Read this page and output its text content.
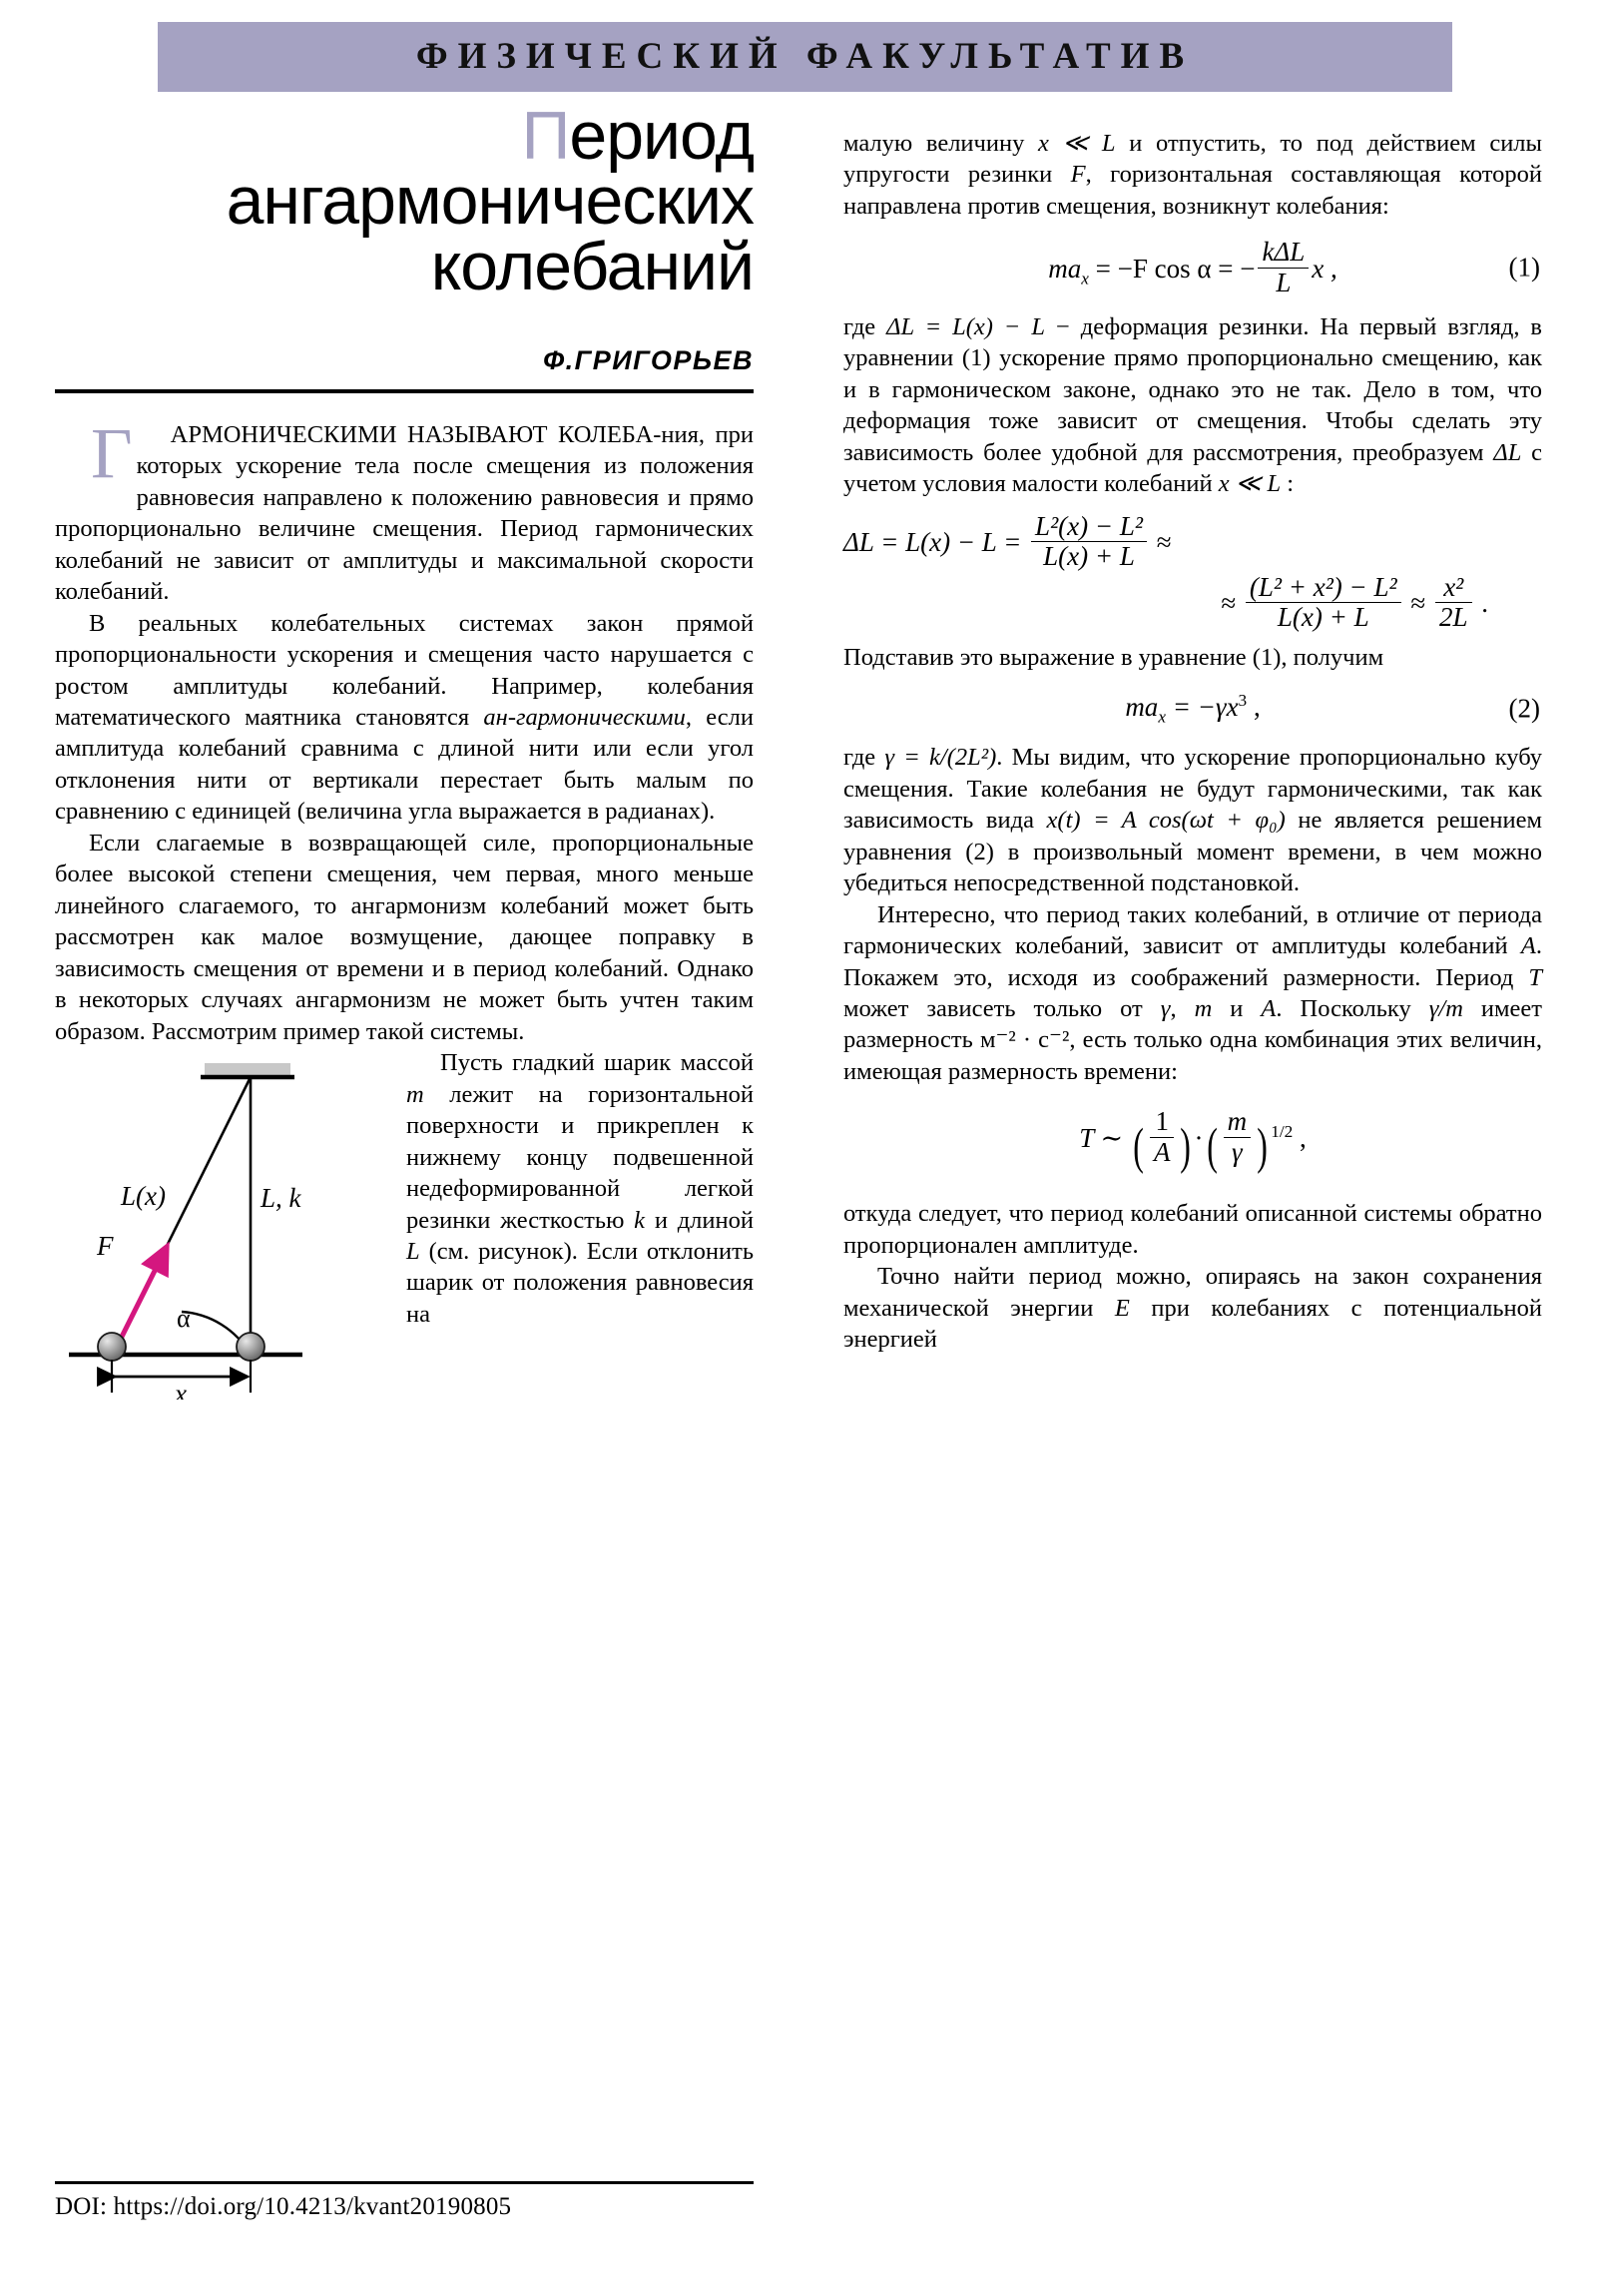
ФИЗИЧЕСКИЙ ФАКУЛЬТАТИВ
Период
ангармонических
колебаний
Ф.ГРИГОРЬЕВ

Г АРМОНИЧЕСКИМИ НАЗЫВАЮТ КОЛЕБА-ния, при которых ускорение тела после смещения из положения равновесия направлено к положению равновесия и прямо пропорционально величине смещения. Период гармонических колебаний не зависит от амплитуды и максимальной скорости колебаний.

В реальных колебательных системах закон прямой пропорциональности ускорения и смещения часто нарушается с ростом амплитуды колебаний. Например, колебания математического маятника становятся ан-гармоническими, если амплитуда колебаний сравнима с длиной нити или если угол отклонения нити от вертикали перестает быть малым по сравнению с единицей (величина угла выражается в радианах).

Если слагаемые в возвращающей силе, пропорциональные более высокой степени смещения, чем первая, много меньше линейного слагаемого, то ангармонизм колебаний может быть рассмотрен как малое возмущение, дающее поправку в зависимость смещения от времени и в период колебаний. Однако в некоторых случаях ангармонизм не может быть учтен таким образом. Рассмотрим пример такой системы.

L(x)	L, k
F
α
x

Пусть гладкий шарик массой m лежит на горизонтальной поверхности и прикреплен к нижнему концу подвешенной недеформированной легкой резинки жесткостью k и длиной L (см. рисунок). Если отклонить шарик от положения равновесия на

малую величину x ≪ L и отпустить, то под действием силы упругости резинки F, горизонтальная составляющая которой направлена против смещения, возникнут колебания:

$ma_x = -F$ cos α = − $\frac{\text{kΔL}}{L}$ x ,	(1)

где ΔL = L(x) − L − деформация резинки. На первый взгляд, в уравнении (1) ускорение прямо пропорционально смещению, как и в гармоническом законе, однако это не так. Дело в том, что деформация тоже зависит от смещения. Чтобы сделать эту зависимость более удобной для рассмотрения, преобразуем ΔL с учетом условия малости колебаний x ≪ L :

$\Delta L = L(x) - L = \frac{\text{L²(x) − L²}}{L(x) + L}$ ≈
≈ $\frac{\text{(L² + x²) − L²}}{L(x) + L} \approx \frac{\text{x²}}{2L}$ .

Подставив это выражение в уравнение (1), получим

$ma_x = -\gamma x^3$ ,	(2)

где γ = k/(2L²). Мы видим, что ускорение пропорционально кубу смещения. Такие колебания не будут гармоническими, так как зависимость вида x(t) = A cos(ωt + φ₀) не является решением уравнения (2) в произвольный момент времени, в чем можно убедиться непосредственной подстановкой.

Интересно, что период таких колебаний, в отличие от периода гармонических колебаний, зависит от амплитуды колебаний A. Покажем это, исходя из соображений размерности. Период T может зависеть только от γ, m и A. Поскольку γ/m имеет размерность м⁻² · с⁻², есть только одна комбинация этих величин, имеющая размерность времени:

T ∼ ( $\frac{1}{A}$ ) ·( $\frac{m}{\gamma}$ ) $^{1/2}$ ,

откуда следует, что период колебаний описанной системы обратно пропорционален амплитуде.

Точно найти период можно, опираясь на закон сохранения механической энергии E при колебаниях с потенциальной энергией

DOI: https://doi.org/10.4213/kvant20190805
